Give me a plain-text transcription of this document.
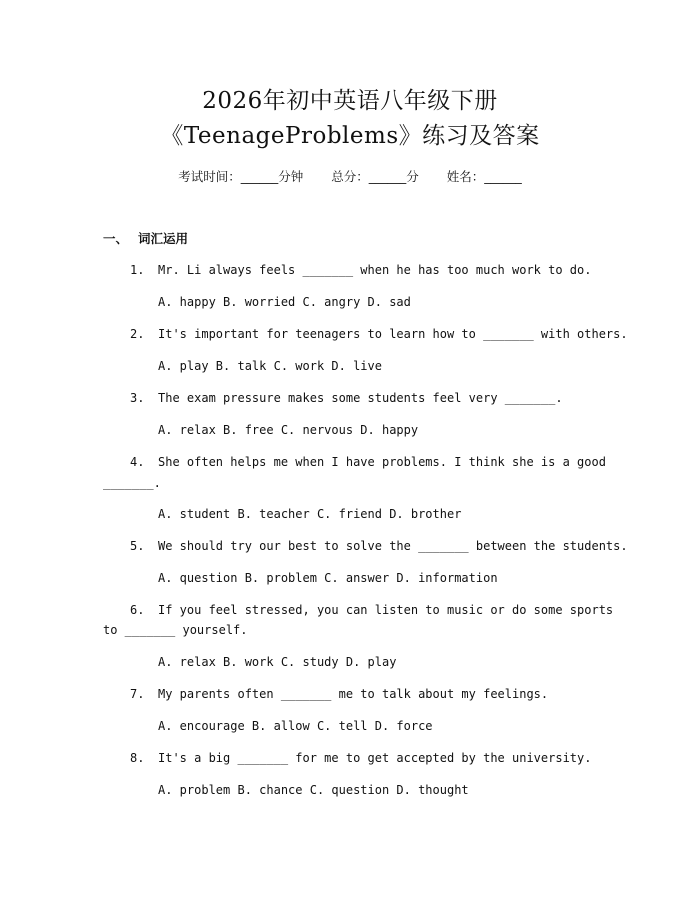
2026年初中英语八年级下册
《TeenageProblems》练习及答案
考试时间：______分钟 总分：______分 姓名：______
一、 词汇运用
1. Mr. Li always feels _______ when he has too much work to do.
A. happy B. worried C. angry D. sad
2. It's important for teenagers to learn how to _______ with others.
A. play B. talk C. work D. live
3. The exam pressure makes some students feel very _______.
A. relax B. free C. nervous D. happy
4. She often helps me when I have problems. I think she is a good
_______.
A. student B. teacher C. friend D. brother
5. We should try our best to solve the _______ between the students.
A. question B. problem C. answer D. information
6. If you feel stressed, you can listen to music or do some sports
to _______ yourself.
A. relax B. work C. study D. play
7. My parents often _______ me to talk about my feelings.
A. encourage B. allow C. tell D. force
8. It's a big _______ for me to get accepted by the university.
A. problem B. chance C. question D. thought
